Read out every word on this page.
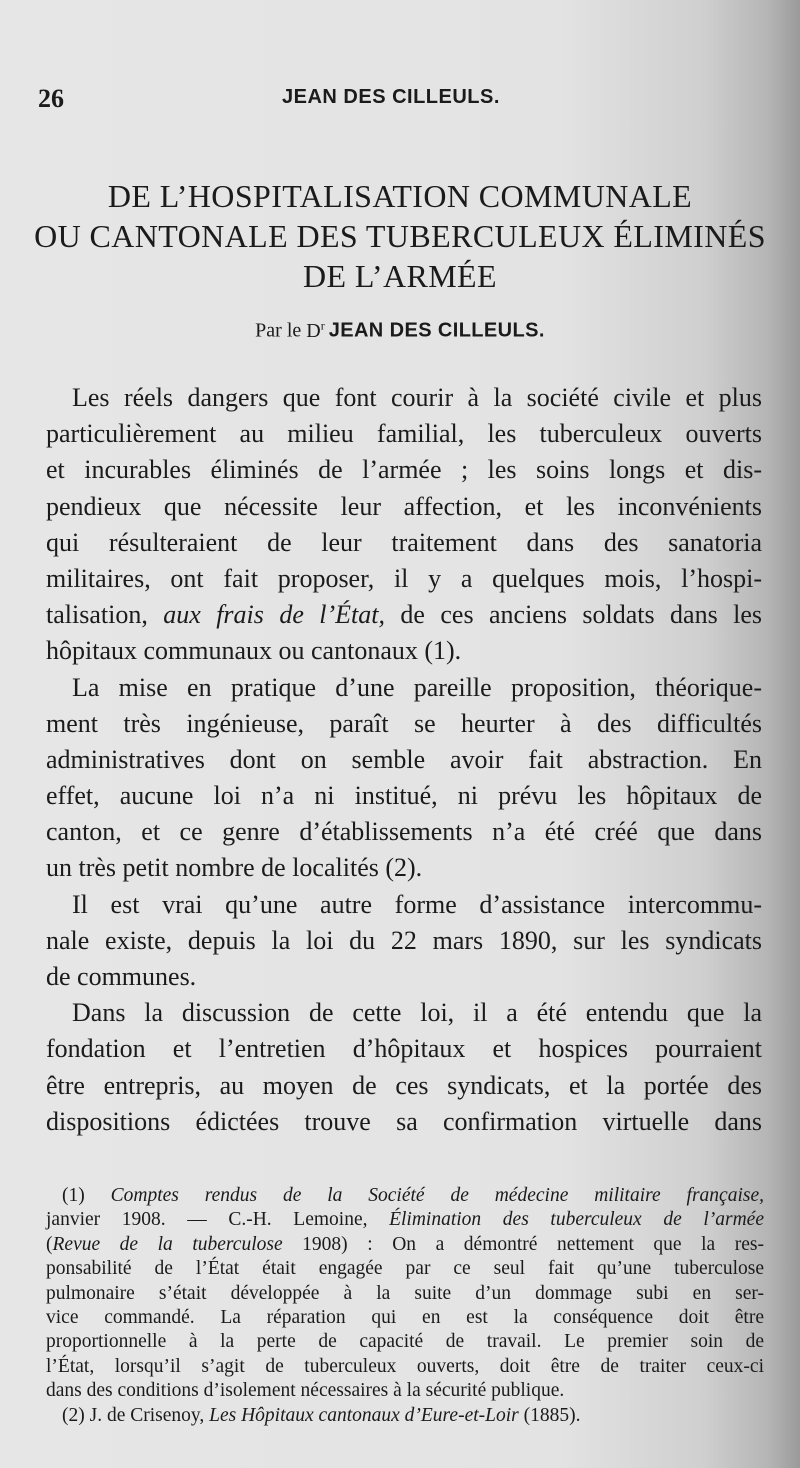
26	JEAN DES CILLEULS.
DE L’HOSPITALISATION COMMUNALE
OU CANTONALE DES TUBERCULEUX ÉLIMINÉS
DE L’ARMÉE
Par le $D^r$ JEAN DES CILLEULS.
Les réels dangers que font courir à la société civile et plus
particulièrement au milieu familial, les tuberculeux ouverts
et incurables éliminés de l’armée ; les soins longs et dis-
pendieux que nécessite leur affection, et les inconvénients
qui résulteraient de leur traitement dans des sanatoria
militaires, ont fait proposer, il y a quelques mois, l’hospi-
talisation, aux frais de l’État, de ces anciens soldats dans les
hôpitaux communaux ou cantonaux (1).
La mise en pratique d’une pareille proposition, théorique-
ment très ingénieuse, paraît se heurter à des difficultés
administratives dont on semble avoir fait abstraction. En
effet, aucune loi n’a ni institué, ni prévu les hôpitaux de
canton, et ce genre d’établissements n’a été créé que dans
un très petit nombre de localités (2).
Il est vrai qu’une autre forme d’assistance intercommu-
nale existe, depuis la loi du 22 mars 1890, sur les syndicats
de communes.
Dans la discussion de cette loi, il a été entendu que la
fondation et l’entretien d’hôpitaux et hospices pourraient
être entrepris, au moyen de ces syndicats, et la portée des
dispositions édictées trouve sa confirmation virtuelle dans
(1) Comptes rendus de la Société de médecine militaire française,
janvier 1908. — C.-H. Lemoine, Élimination des tuberculeux de l’armée
(Revue de la tuberculose 1908) : On a démontré nettement que la res-
ponsabilité de l’État était engagée par ce seul fait qu’une tuberculose
pulmonaire s’était développée à la suite d’un dommage subi en ser-
vice commandé. La réparation qui en est la conséquence doit être
proportionnelle à la perte de capacité de travail. Le premier soin de
l’État, lorsqu’il s’agit de tuberculeux ouverts, doit être de traiter ceux-ci
dans des conditions d’isolement nécessaires à la sécurité publique.
(2) J. de Crisenoy, Les Hôpitaux cantonaux d’Eure-et-Loir (1885).
